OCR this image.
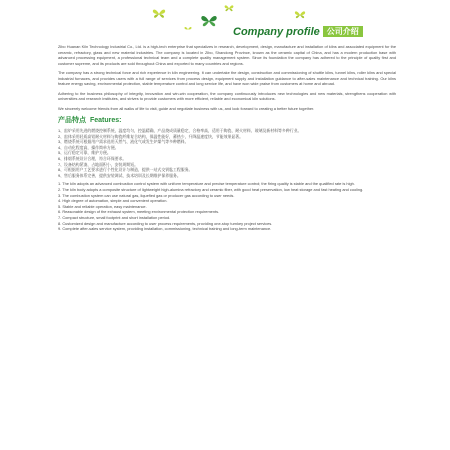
Company profile 公司介绍

Zibo Huanan Kiln Technology Industrial Co., Ltd. is a high-tech enterprise that specializes in research, development, design, manufacture and installation of kilns and associated equipment for the ceramic, refractory, glass and new material industries. The company is located in Zibo, Shandong Province, known as the ceramic capital of China, and has a modern production base with advanced processing equipment, a professional technical team and a complete quality management system. Since its foundation the company has adhered to the principle of quality first and customer supreme, and its products are sold throughout China and exported to many countries and regions.

The company has a strong technical force and rich experience in kiln engineering. It can undertake the design, construction and commissioning of shuttle kilns, tunnel kilns, roller kilns and special industrial furnaces, and provides users with a full range of services from process design, equipment supply and installation guidance to after-sales maintenance and technical training. Our kilns feature energy saving, environmental protection, stable temperature control and long service life, and have won wide praise from customers at home and abroad.

Adhering to the business philosophy of integrity, innovation and win-win cooperation, the company continuously introduces new technologies and new materials, strengthens cooperation with universities and research institutes, and strives to provide customers with more efficient, reliable and economical kiln solutions.

We sincerely welcome friends from all walks of life to visit, guide and negotiate business with us, and look forward to creating a better future together.

产品特点 Features:
1、窑炉采用先进的燃烧控制系统，温度均匀，控温精确，产品烧成质量稳定，合格率高，适用于陶瓷、耐火材料、玻璃及新材料等多种行业。
2、窑体采用轻质高铝耐火材料与陶瓷纤维复合结构，保温性能好，蓄热少，升降温速度快，节能效果显著。
3、燃烧系统可根据用户需求选用天然气、液化气或发生炉煤气等多种燃料。
4、自动化程度高，操作简单方便。
5、运行稳定可靠，维护方便。
6、排烟系统设计合理，符合环保要求。
7、设备结构紧凑，占地面积小，安装周期短。
8、可根据用户工艺要求进行个性化设计与制造，提供一站式交钥匙工程服务。
9、售后服务体系完善，提供安装调试、技术培训及长期维护保养服务。
1. The kiln adopts an advanced combustion control system with uniform temperature and precise temperature control; the firing quality is stable and the qualified rate is high.
2. The kiln body adopts a composite structure of lightweight high-alumina refractory and ceramic fiber, with good heat preservation, low heat storage and fast heating and cooling.
3. The combustion system can use natural gas, liquefied gas or producer gas according to user needs.
4. High degree of automation, simple and convenient operation.
5. Stable and reliable operation, easy maintenance.
6. Reasonable design of the exhaust system, meeting environmental protection requirements.
7. Compact structure, small footprint and short installation period.
8. Customized design and manufacture according to user process requirements, providing one-stop turnkey project services.
9. Complete after-sales service system, providing installation, commissioning, technical training and long-term maintenance.
